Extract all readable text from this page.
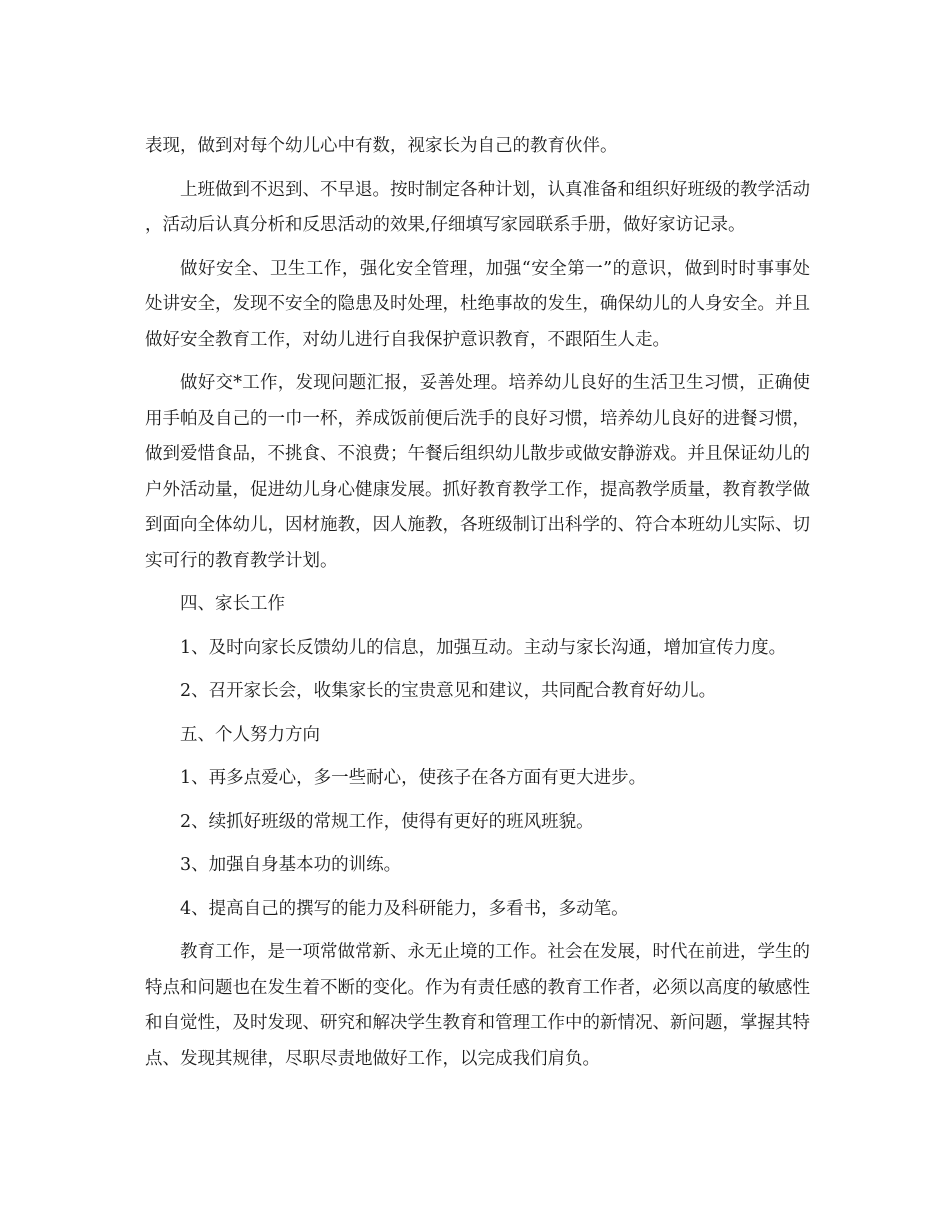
表现，做到对每个幼儿心中有数，视家长为自己的教育伙伴。

上班做到不迟到、不早退。按时制定各种计划，认真准备和组织好班级的教学活动，活动后认真分析和反思活动的效果,仔细填写家园联系手册，做好家访记录。

做好安全、卫生工作，强化安全管理，加强“安全第一”的意识，做到时时事事处处讲安全，发现不安全的隐患及时处理，杜绝事故的发生，确保幼儿的人身安全。并且做好安全教育工作，对幼儿进行自我保护意识教育，不跟陌生人走。

做好交*工作，发现问题汇报，妥善处理。培养幼儿良好的生活卫生习惯，正确使用手帕及自己的一巾一杯，养成饭前便后洗手的良好习惯，培养幼儿良好的进餐习惯，做到爱惜食品，不挑食、不浪费；午餐后组织幼儿散步或做安静游戏。并且保证幼儿的户外活动量，促进幼儿身心健康发展。抓好教育教学工作，提高教学质量，教育教学做到面向全体幼儿，因材施教，因人施教，各班级制订出科学的、符合本班幼儿实际、切实可行的教育教学计划。

四、家长工作

1、及时向家长反馈幼儿的信息，加强互动。主动与家长沟通，增加宣传力度。

2、召开家长会，收集家长的宝贵意见和建议，共同配合教育好幼儿。

五、个人努力方向

1、再多点爱心，多一些耐心，使孩子在各方面有更大进步。

2、续抓好班级的常规工作，使得有更好的班风班貌。

3、加强自身基本功的训练。

4、提高自己的撰写的能力及科研能力，多看书，多动笔。

教育工作，是一项常做常新、永无止境的工作。社会在发展，时代在前进，学生的特点和问题也在发生着不断的变化。作为有责任感的教育工作者，必须以高度的敏感性和自觉性，及时发现、研究和解决学生教育和管理工作中的新情况、新问题，掌握其特点、发现其规律，尽职尽责地做好工作，以完成我们肩负。
